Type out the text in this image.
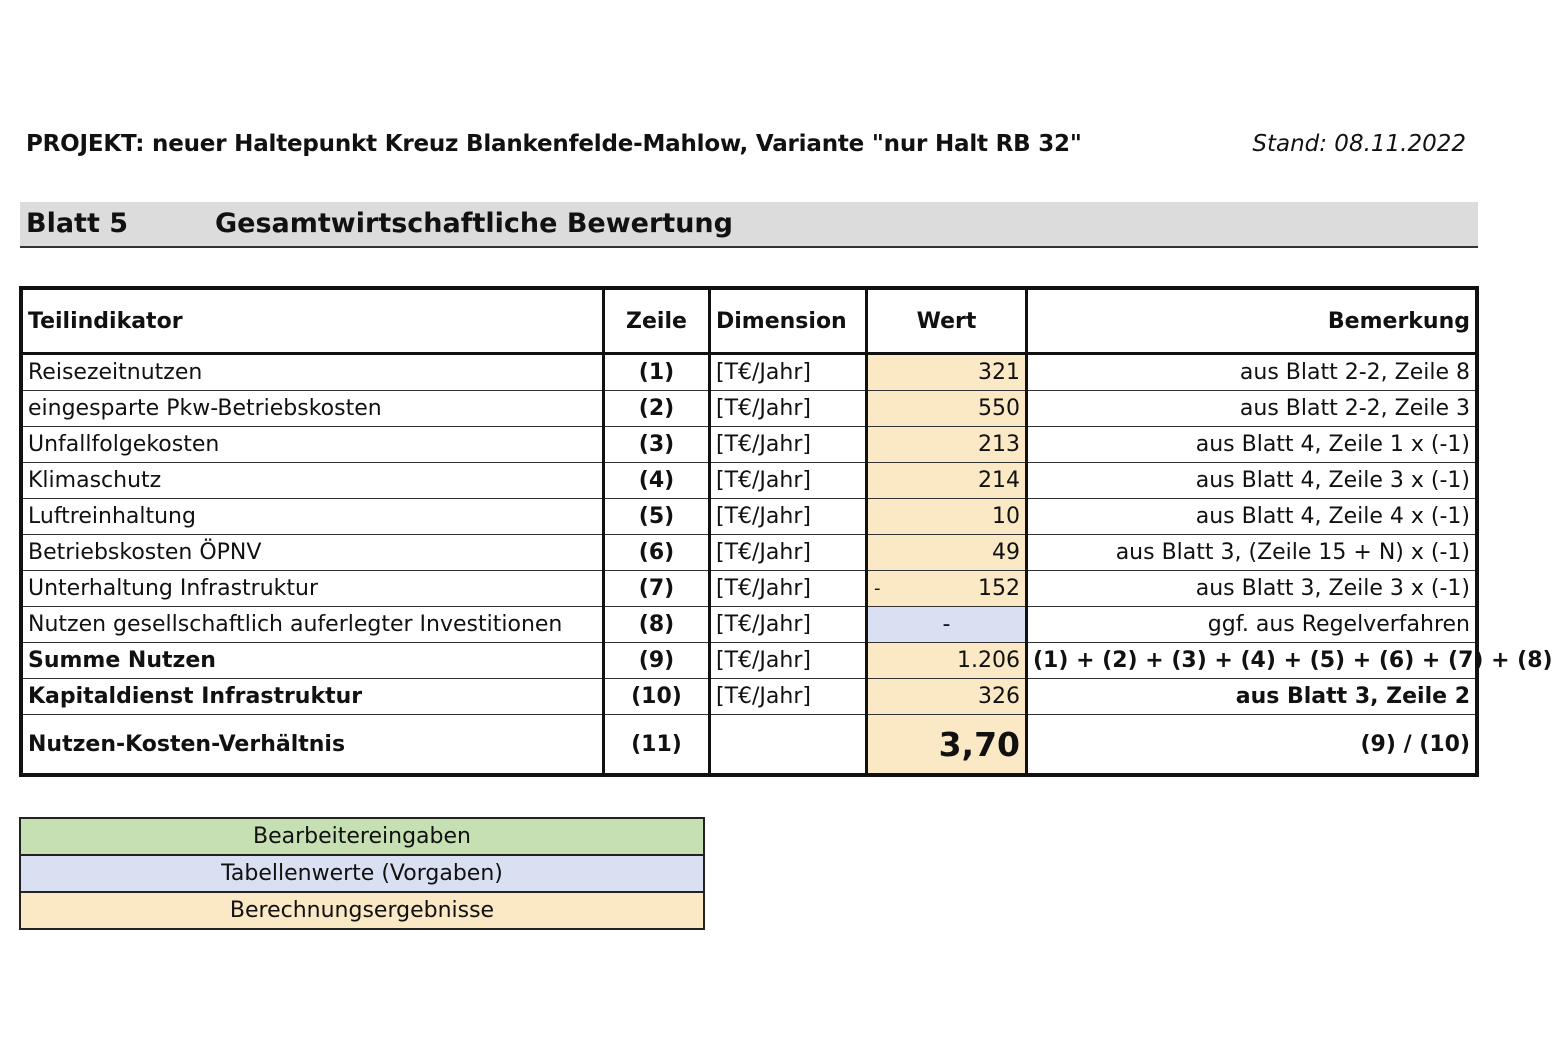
PROJEKT: neuer Haltepunkt Kreuz Blankenfelde-Mahlow, Variante "nur Halt RB 32"	Stand: 08.11.2022
Blatt 5	Gesamtwirtschaftliche Bewertung
Teilindikator	Zeile	Dimension	Wert	Bemerkung
Reisezeitnutzen	(1)	[T€/Jahr]	321	aus Blatt 2-2, Zeile 8
eingesparte Pkw-Betriebskosten	(2)	[T€/Jahr]	550	aus Blatt 2-2, Zeile 3
Unfallfolgekosten	(3)	[T€/Jahr]	213	aus Blatt 4, Zeile 1 x (-1)
Klimaschutz	(4)	[T€/Jahr]	214	aus Blatt 4, Zeile 3 x (-1)
Luftreinhaltung	(5)	[T€/Jahr]	10	aus Blatt 4, Zeile 4 x (-1)
Betriebskosten ÖPNV	(6)	[T€/Jahr]	49	aus Blatt 3, (Zeile 15 + N) x (-1)
Unterhaltung Infrastruktur	(7)	[T€/Jahr]	- 152	aus Blatt 3, Zeile 3 x (-1)
Nutzen gesellschaftlich auferlegter Investitionen	(8)	[T€/Jahr]	-	ggf. aus Regelverfahren
Summe Nutzen	(9)	[T€/Jahr]	1.206	(1) + (2) + (3) + (4) + (5) + (6) + (7) + (8)
Kapitaldienst Infrastruktur	(10)	[T€/Jahr]	326	aus Blatt 3, Zeile 2
Nutzen-Kosten-Verhältnis	(11)		3,70	(9) / (10)
Bearbeitereingaben
Tabellenwerte (Vorgaben)
Berechnungsergebnisse
